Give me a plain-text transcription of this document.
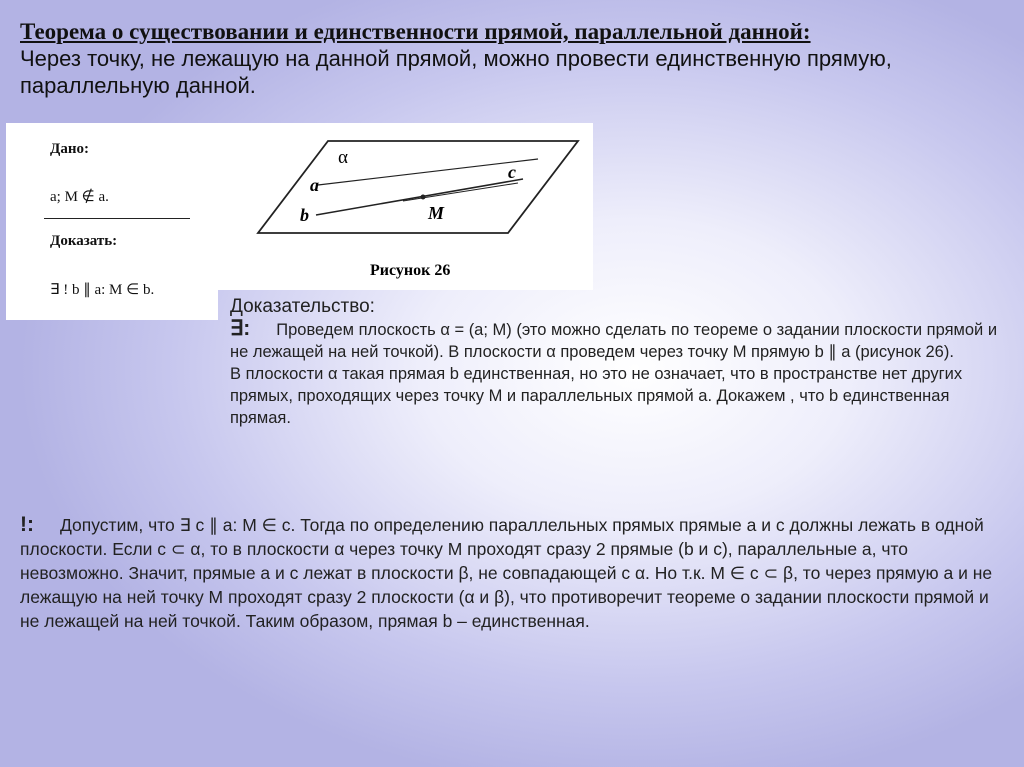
Теорема о существовании и единственности прямой, параллельной данной:
Через точку, не лежащую на данной прямой, можно провести единственную прямую, параллельную данной.
Дано:
a; M ∉ a.
Доказать:
∃ ! b ∥ a: M ∈ b.
α
a
b
c
M
Рисунок 26
Доказательство:
∃: Проведем плоскость α = (a; M) (это можно сделать по теореме о задании плоскости прямой и не лежащей на ней точкой). В плоскости α проведем через точку M прямую b ∥ a (рисунок 26).
В плоскости α такая прямая b единственная, но это не означает, что в пространстве нет других прямых, проходящих через точку M и параллельных прямой a. Докажем , что b единственная прямая.
!: Допустим, что ∃ c ∥ a: M ∈ c. Тогда по определению параллельных прямых прямые a и c должны лежать в одной плоскости. Если c ⊂ α, то в плоскости α через точку M проходят сразу 2 прямые (b и c), параллельные a, что невозможно. Значит, прямые a и c лежат в плоскости β, не совпадающей с α. Но т.к. M ∈ c ⊂ β, то через прямую a и не лежащую на ней точку M проходят сразу 2 плоскости (α и β), что противоречит теореме о задании плоскости прямой и не лежащей на ней точкой. Таким образом, прямая b – единственная.
